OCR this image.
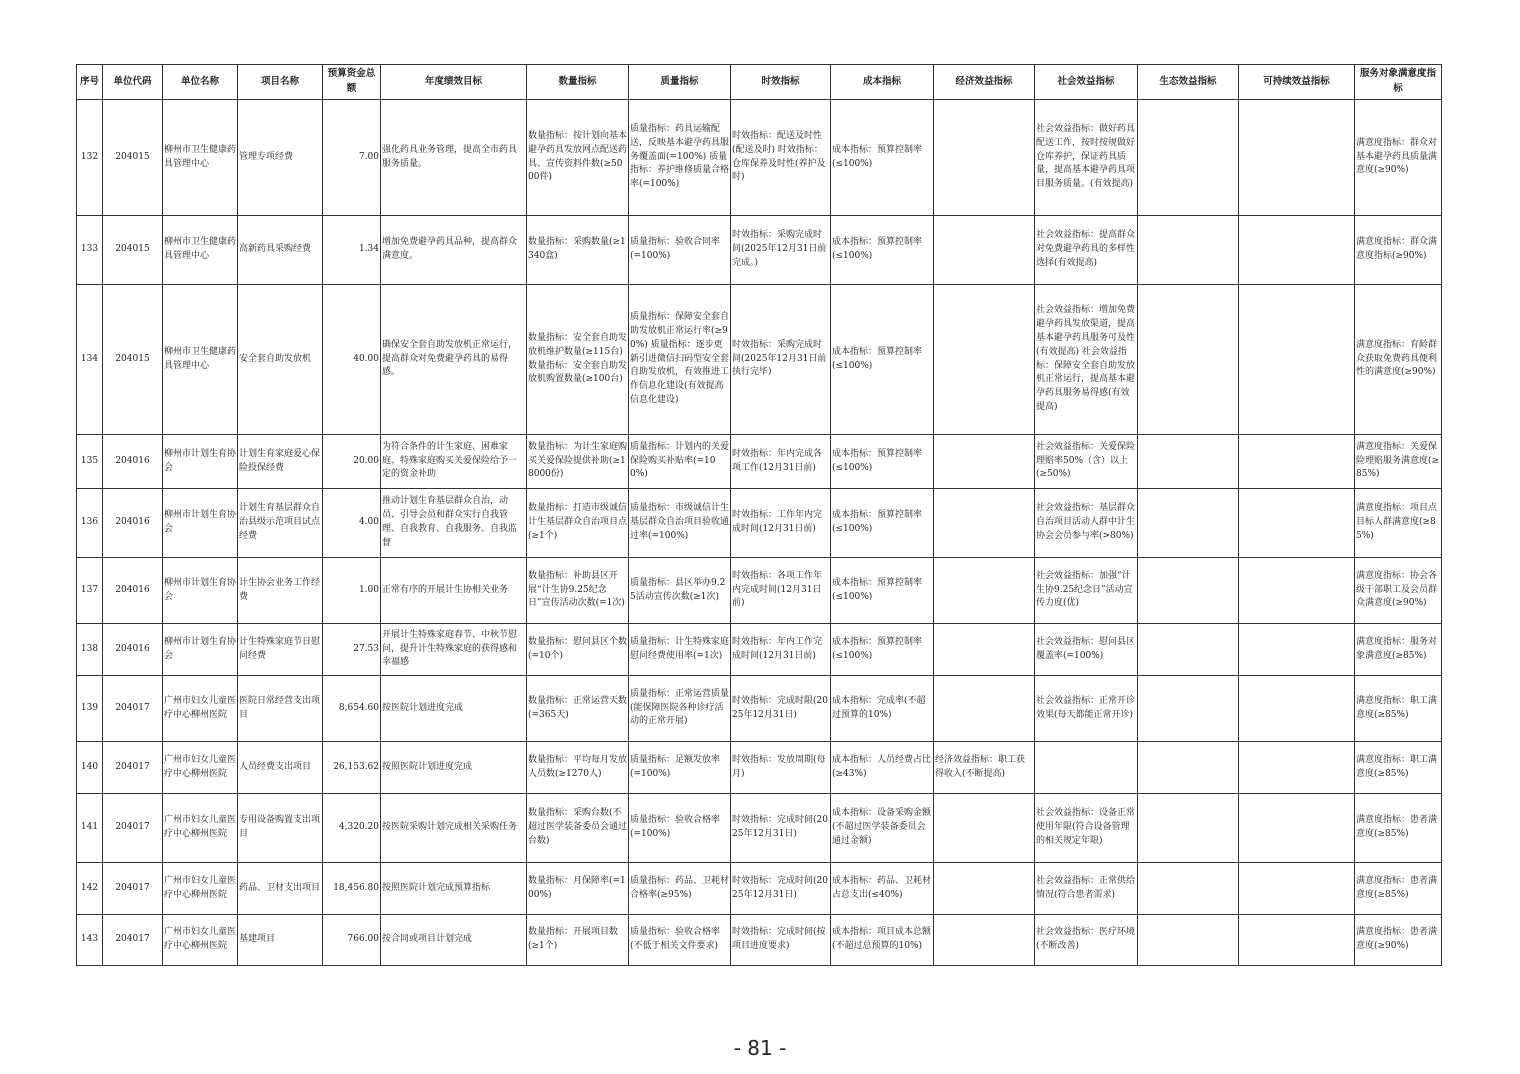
序号	单位代码	单位名称	项目名称	预算资金总额	年度绩效目标	数量指标	质量指标	时效指标	成本指标	经济效益指标	社会效益指标	生态效益指标	可持续效益指标	服务对象满意度指标
132	204015	柳州市卫生健康药具管理中心	管理专项经费	7.00	强化药具业务管理，提高全市药具服务质量。	数量指标：按计划向基本避孕药具发放网点配送药具、宣传资料件数(≥5000件)	质量指标：药具运输配送，反映基本避孕药具服务覆盖面(=100%) 质量指标：养护维修质量合格率(=100%)	时效指标：配送及时性(配送及时) 时效指标：仓库保养及时性(养护及时)	成本指标：预算控制率(≤100%)		社会效益指标：做好药具配送工作，按时按规做好仓库养护，保证药具质量，提高基本避孕药具项目服务质量。(有效提高)			满意度指标：群众对基本避孕药具质量满意度(≥90%)
133	204015	柳州市卫生健康药具管理中心	高新药具采购经费	1.34	增加免费避孕药具品种，提高群众满意度。	数量指标：采购数量(≥1340盒)	质量指标：验收合同率(=100%)	时效指标：采购完成时间(2025年12月31日前完成。)	成本指标：预算控制率(≤100%)		社会效益指标：提高群众对免费避孕药具的多样性选择(有效提高)			满意度指标：群众满意度指标(≥90%)
134	204015	柳州市卫生健康药具管理中心	安全套自助发放机	40.00	确保安全套自助发放机正常运行，提高群众对免费避孕药具的易得感。	数量指标：安全套自助发放机维护数量(≥115台) 数量指标：安全套自助发放机购置数量(≥100台)	质量指标：保障安全套自助发放机正常运行率(≥90%) 质量指标：逐步更新引进微信扫码型安全套自助发放机，有效推进工作信息化建设(有效提高信息化建设)	时效指标：采购完成时间(2025年12月31日前执行完毕)	成本指标：预算控制率(≤100%)		社会效益指标：增加免费避孕药具发放渠道，提高基本避孕药具服务可及性(有效提高) 社会效益指标：保障安全套自助发放机正常运行，提高基本避孕药具服务易得感(有效提高)			满意度指标：育龄群众获取免费药具便利性的满意度(≥90%)
135	204016	柳州市计划生育协会	计划生育家庭爱心保险投保经费	20.00	为符合条件的计生家庭、困难家庭、特殊家庭购买关爱保险给予一定的资金补助	数量指标：为计生家庭购买关爱保险提供补助(≥18000份)	质量指标：计划内的关爱保险购买补贴率(=100%)	时效指标：年内完成各项工作(12月31日前)	成本指标：预算控制率(≤100%)		社会效益指标：关爱保险理赔率50%（含）以上(≥50%)			满意度指标：关爱保险理赔服务满意度(≥85%)
136	204016	柳州市计划生育协会	计划生育基层群众自治县级示范项目试点经费	4.00	推动计划生育基层群众自治，动员、引导会员和群众实行自我管理、自我教育、自我服务、自我监督	数量指标：打造市级诚信计生基层群众自治项目点(≥1个)	质量指标：市级诚信计生基层群众自治项目验收通过率(=100%)	时效指标：工作年内完成时间(12月31日前)	成本指标：预算控制率(≤100%)		社会效益指标：基层群众自治项目活动人群中计生协会会员参与率(>80%)			满意度指标：项目点目标人群满意度(≥85%)
137	204016	柳州市计划生育协会	计生协会业务工作经费	1.00	正常有序的开展计生协相关业务	数量指标：补助县区开展“计生协9.25纪念日”宣传活动次数(=1次)	质量指标：县区举办9.25活动宣传次数(≥1次)	时效指标：各项工作年内完成时间(12月31日前)	成本指标：预算控制率(≤100%)		社会效益指标：加强“计生协9.25纪念日”活动宣传力度(优)			满意度指标：协会各级干部职工及会员群众满意度(≥90%)
138	204016	柳州市计划生育协会	计生特殊家庭节日慰问经费	27.53	开展计生特殊家庭春节、中秋节慰问，提升计生特殊家庭的获得感和幸福感	数量指标：慰问县区个数(=10个)	质量指标：计生特殊家庭慰问经费使用率(=1次)	时效指标：年内工作完成时间(12月31日前)	成本指标：预算控制率(≤100%)		社会效益指标：慰问县区覆盖率(=100%)			满意度指标：服务对象满意度(≥85%)
139	204017	广州市妇女儿童医疗中心柳州医院	医院日常经营支出项目	8,654.60	按医院计划进度完成	数量指标：正常运营天数(=365天)	质量指标：正常运营质量(能保障医院各种诊疗活动的正常开展)	时效指标：完成时限(2025年12月31日)	成本指标：完成率(不超过预算的10%)		社会效益指标：正常开诊效果(每天都能正常开诊)			满意度指标：职工满意度(≥85%)
140	204017	广州市妇女儿童医疗中心柳州医院	人员经费支出项目	26,153.62	按照医院计划进度完成	数量指标：平均每月发放人员数(≥1270人)	质量指标：足额发放率(=100%)	时效指标：发放周期(每月)	成本指标：人员经费占比(≥43%)	经济效益指标：职工获得收入(不断提高)				满意度指标：职工满意度(≥85%)
141	204017	广州市妇女儿童医疗中心柳州医院	专用设备购置支出项目	4,320.20	按医院采购计划完成相关采购任务	数量指标：采购台数(不超过医学装备委员会通过台数)	质量指标：验收合格率(=100%)	时效指标：完成时间(2025年12月31日)	成本指标：设备采购金额(不超过医学装备委员会通过金额)		社会效益指标：设备正常使用年限(符合设备管理的相关规定年限)			满意度指标：患者满意度(≥85%)
142	204017	广州市妇女儿童医疗中心柳州医院	药品、卫材支出项目	18,456.80	按照医院计划完成预算指标	数量指标：月保障率(=100%)	质量指标：药品、卫耗材合格率(≥95%)	时效指标：完成时间(2025年12月31日)	成本指标：药品、卫耗材占总支出(≤40%)		社会效益指标：正常供给情况(符合患者需求)			满意度指标：患者满意度(≥85%)
143	204017	广州市妇女儿童医疗中心柳州医院	基建项目	766.00	按合同或项目计划完成	数量指标：开展项目数(≥1个)	质量指标：验收合格率(不低于相关文件要求)	时效指标：完成时间(按项目进度要求)	成本指标：项目成本总额(不超过总预算的10%)		社会效益指标：医疗环境(不断改善)			满意度指标：患者满意度(≥90%)
- 81 -
